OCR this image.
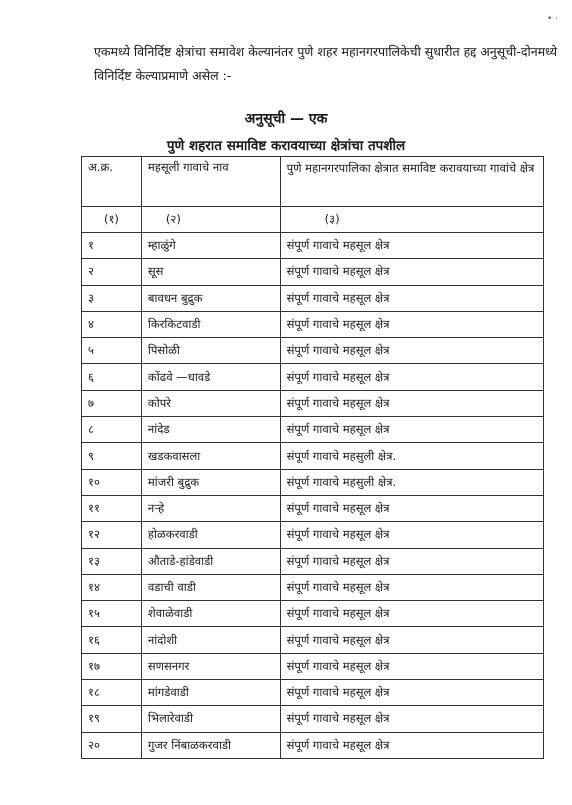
• ·

एकमध्ये विनिर्दिष्ट क्षेत्रांचा समावेश केल्यानंतर पुणे शहर महानगरपालिकेची सुधारीत हद्द अनुसूची-दोनमध्ये विनिर्दिष्ट केल्याप्रमाणे असेल :-

अनुसूची — एक
पुणे शहरात समाविष्ट करावयाच्या क्षेत्रांचा तपशील
अ.क्र.	महसूली गावाचे नाव	पुणे महानगरपालिका क्षेत्रात समाविष्ट करावयाच्या गावांचे क्षेत्र
(१)	(२)	(३)
१	म्हाळुंगे	संपूर्ण गावाचे महसूल क्षेत्र
२	सूस	संपूर्ण गावाचे महसूल क्षेत्र
३	बावधन बुद्रुक	संपूर्ण गावाचे महसूल क्षेत्र
४	किरकिटवाडी	संपूर्ण गावाचे महसूल क्षेत्र
५	पिसोळी	संपूर्ण गावाचे महसूल क्षेत्र
६	कोंढवे —धावडे	संपूर्ण गावाचे महसूल क्षेत्र
७	कोपरे	संपूर्ण गावाचे महसूल क्षेत्र
८	नांदेड	संपूर्ण गावाचे महसूल क्षेत्र
९	खडकवासला	संपूर्ण गावाचे महसुली क्षेत्र.
१०	मांजरी बुद्रुक	संपूर्ण गावाचे महसुली क्षेत्र.
११	नऱ्हे	संपूर्ण गावाचे महसूल क्षेत्र
१२	होळकरवाडी	संपूर्ण गावाचे महसूल क्षेत्र
१३	औताडे-हांडेवाडी	संपूर्ण गावाचे महसूल क्षेत्र
१४	वडाची वाडी	संपूर्ण गावाचे महसूल क्षेत्र
१५	शेवाळेवाडी	संपूर्ण गावाचे महसूल क्षेत्र
१६	नांदोशी	संपूर्ण गावाचे महसूल क्षेत्र
१७	सणसनगर	संपूर्ण गावाचे महसूल क्षेत्र
१८	मांगडेवाडी	संपूर्ण गावाचे महसूल क्षेत्र
१९	भिलारेवाडी	संपूर्ण गावाचे महसूल क्षेत्र
२०	गुजर निंबाळकरवाडी	संपूर्ण गावाचे महसूल क्षेत्र
